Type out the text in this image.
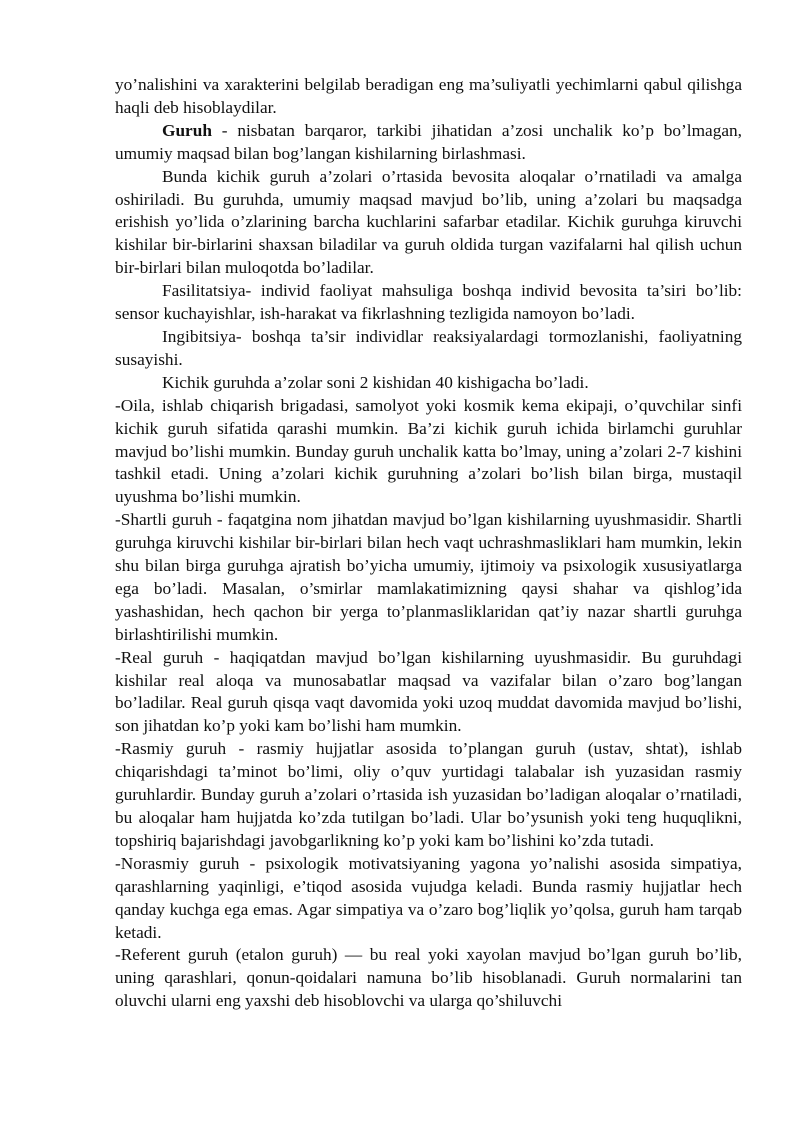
yo’nalishini va xarakterini belgilab beradigan eng ma’suliyatli yechimlarni qabul qilishga haqli deb hisoblaydilar.

Guruh - nisbatan barqaror, tarkibi jihatidan a’zosi unchalik ko’p bo’lmagan, umumiy maqsad bilan bog’langan kishilarning birlashmasi.

Bunda kichik guruh a’zolari o’rtasida bevosita aloqalar o’rnatiladi va amalga oshiriladi. Bu guruhda, umumiy maqsad mavjud bo’lib, uning a’zolari bu maqsadga erishish yo’lida o’zlarining barcha kuchlarini safarbar etadilar. Kichik guruhga kiruvchi kishilar bir-birlarini shaxsan biladilar va guruh oldida turgan vazifalarni hal qilish uchun bir-birlari bilan muloqotda bo’ladilar.

Fasilitatsiya- individ faoliyat mahsuliga boshqa individ bevosita ta’siri bo’lib: sensor kuchayishlar, ish-harakat va fikrlashning tezligida namoyon bo’ladi.

Ingibitsiya- boshqa ta’sir individlar reaksiyalardagi tormozlanishi, faoliyatning susayishi.

Kichik guruhda a’zolar soni 2 kishidan 40 kishigacha bo’ladi.

-Oila, ishlab chiqarish brigadasi, samolyot yoki kosmik kema ekipaji, o’quvchilar sinfi kichik guruh sifatida qarashi mumkin. Ba’zi kichik guruh ichida birlamchi guruhlar mavjud bo’lishi mumkin. Bunday guruh unchalik katta bo’lmay, uning a’zolari 2-7 kishini tashkil etadi. Uning a’zolari kichik guruhning a’zolari bo’lish bilan birga, mustaqil uyushma bo’lishi mumkin.

-Shartli guruh - faqatgina nom jihatdan mavjud bo’lgan kishilarning uyushmasidir. Shartli guruhga kiruvchi kishilar bir-birlari bilan hech vaqt uchrashmasliklari ham mumkin, lekin shu bilan birga guruhga ajratish bo’yicha umumiy, ijtimoiy va psixologik xususiyatlarga ega bo’ladi. Masalan, o’smirlar mamlakatimizning qaysi shahar va qishlog’ida yashashidan, hech qachon bir yerga to’planmasliklaridan qat’iy nazar shartli guruhga birlashtirilishi mumkin.

-Real guruh - haqiqatdan mavjud bo’lgan kishilarning uyushmasidir. Bu guruhdagi kishilar real aloqa va munosabatlar maqsad va vazifalar bilan o’zaro bog’langan bo’ladilar. Real guruh qisqa vaqt davomida yoki uzoq muddat davomida mavjud bo’lishi, son jihatdan ko’p yoki kam bo’lishi ham mumkin.

-Rasmiy guruh - rasmiy hujjatlar asosida to’plangan guruh (ustav, shtat), ishlab chiqarishdagi ta’minot bo’limi, oliy o’quv yurtidagi talabalar ish yuzasidan rasmiy guruhlardir. Bunday guruh a’zolari o’rtasida ish yuzasidan bo’ladigan aloqalar o’rnatiladi, bu aloqalar ham hujjatda ko’zda tutilgan bo’ladi. Ular bo’ysunish yoki teng huquqlikni, topshiriq bajarishdagi javobgarlikning ko’p yoki kam bo’lishini ko’zda tutadi.

-Norasmiy guruh - psixologik motivatsiyaning yagona yo’nalishi asosida simpatiya, qarashlarning yaqinligi, e’tiqod asosida vujudga keladi. Bunda rasmiy hujjatlar hech qanday kuchga ega emas. Agar simpatiya va o’zaro bog’liqlik yo’qolsa, guruh ham tarqab ketadi.

-Referent guruh (etalon guruh) — bu real yoki xayolan mavjud bo’lgan guruh bo’lib, uning qarashlari, qonun-qoidalari namuna bo’lib hisoblanadi. Guruh normalarini tan oluvchi ularni eng yaxshi deb hisoblovchi va ularga qo’shiluvchi
